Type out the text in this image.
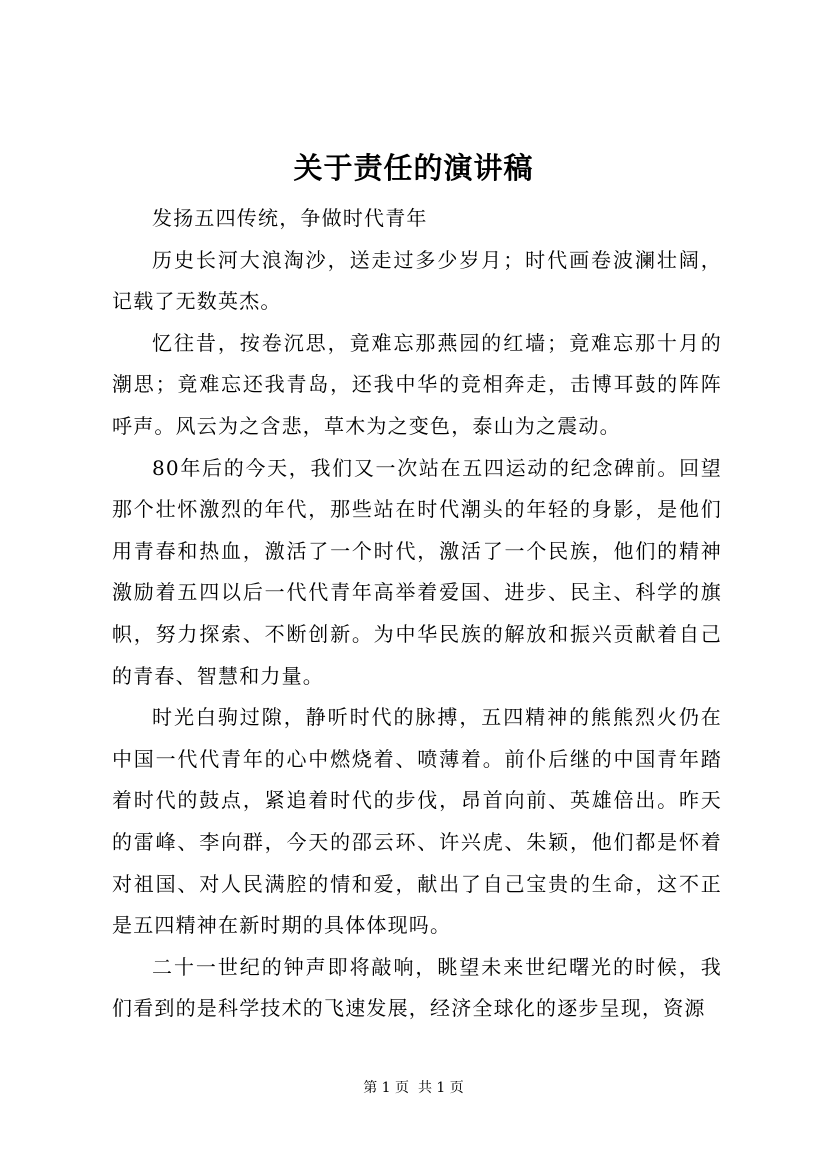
关于责任的演讲稿

发扬五四传统，争做时代青年

历史长河大浪淘沙，送走过多少岁月；时代画卷波澜壮阔，记载了无数英杰。

忆往昔，按卷沉思，竟难忘那燕园的红墙；竟难忘那十月的潮思；竟难忘还我青岛，还我中华的竞相奔走，击博耳鼓的阵阵呼声。风云为之含悲，草木为之变色，泰山为之震动。

80年后的今天，我们又一次站在五四运动的纪念碑前。回望那个壮怀激烈的年代，那些站在时代潮头的年轻的身影，是他们用青春和热血，激活了一个时代，激活了一个民族，他们的精神激励着五四以后一代代青年高举着爱国、进步、民主、科学的旗帜，努力探索、不断创新。为中华民族的解放和振兴贡献着自己的青春、智慧和力量。

时光白驹过隙，静听时代的脉搏，五四精神的熊熊烈火仍在中国一代代青年的心中燃烧着、喷薄着。前仆后继的中国青年踏着时代的鼓点，紧追着时代的步伐，昂首向前、英雄倍出。昨天的雷峰、李向群，今天的邵云环、许兴虎、朱颖，他们都是怀着对祖国、对人民满腔的情和爱，献出了自己宝贵的生命，这不正是五四精神在新时期的具体体现吗。

二十一世纪的钟声即将敲响，眺望未来世纪曙光的时候，我们看到的是科学技术的飞速发展，经济全球化的逐步呈现，资源

第 1 页  共 1 页
